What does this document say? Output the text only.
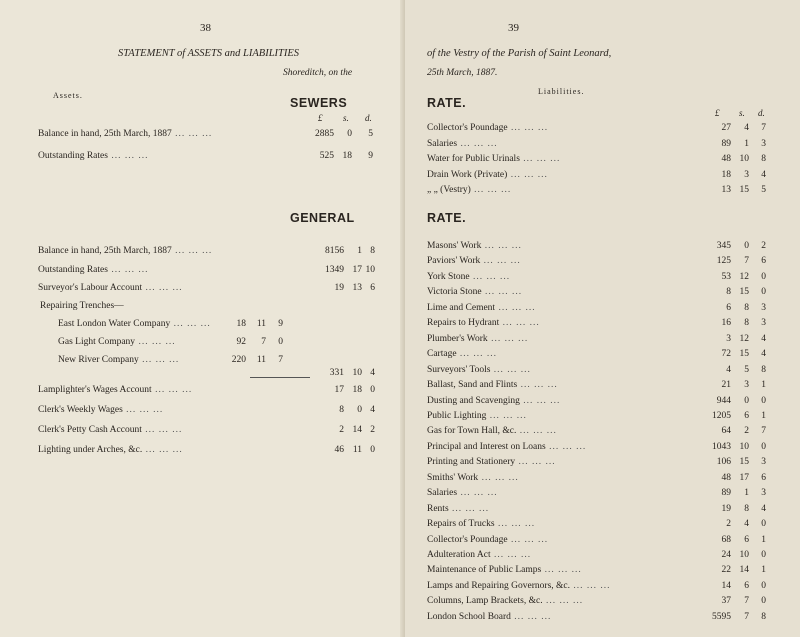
38
STATEMENT of ASSETS and LIABILITIES
Shoreditch, on the
Assets.
SEWERS
£ s. d.
Balance in hand, 25th March, 1887 ... ... ...	2885	0	5
Outstanding Rates ... ... ...	525 18	9
GENERAL
Balance in hand, 25th March, 1887 ... ... ...	8156	1 8
Outstanding Rates ... ... ...	1349 17 10
Surveyor's Labour Account ... ... ...	19 13 6
Repairing Trenches—
East London Water Company ... ... ...	18	11	9
Gas Light Company ... ... ...	92	7	0
New River Company ... ... ...	220	11	7
331 10 4
Lamplighter's Wages Account ... ... ...	17 18 0
Clerk's Weekly Wages ... ... ...	8	0 4
Clerk's Petty Cash Account ... ... ...	2 14 2
Lighting under Arches, &c. ... ... ...	46 11 0
39
of the Vestry of the Parish of Saint Leonard,
25th March, 1887.
Liabilities.
RATE.
£ s. d.
Collector's Poundage ... ... ...	27	4	7
Salaries ... ... ...	89	1	3
Water for Public Urinals ... ... ...	48 10	8
Drain Work (Private) ... ... ...	18	3	4
„ „ (Vestry) ... ... ...	13 15	5
RATE.
Masons' Work ... ... ...	345	0	2
Paviors' Work ... ... ...	125	7	6
York Stone ... ... ...	53 12	0
Victoria Stone ... ... ...	8 15	0
Lime and Cement ... ... ...	6	8	3
Repairs to Hydrant ... ... ...	16	8	3
Plumber's Work ... ... ...	3 12	4
Cartage ... ... ...	72 15	4
Surveyors' Tools ... ... ...	4	5	8
Ballast, Sand and Flints ... ... ...	21	3	1
Dusting and Scavenging ... ... ...	944	0	0
Public Lighting ... ... ...	1205	6	1
Gas for Town Hall, &c. ... ... ...	64	2	7
Principal and Interest on Loans ... ... ...	1043 10	0
Printing and Stationery ... ... ...	106 15	3
Smiths' Work ... ... ...	48 17	6
Salaries ... ... ...	89	1	3
Rents ... ... ...	19	8	4
Repairs of Trucks ... ... ...	2	4	0
Collector's Poundage ... ... ...	68	6	1
Adulteration Act ... ... ...	24 10	0
Maintenance of Public Lamps ... ... ...	22 14	1
Lamps and Repairing Governors, &c. ... ... ...	14	6	0
Columns, Lamp Brackets, &c. ... ... ...	37	7	0
London School Board ... ... ...	5595	7	8
